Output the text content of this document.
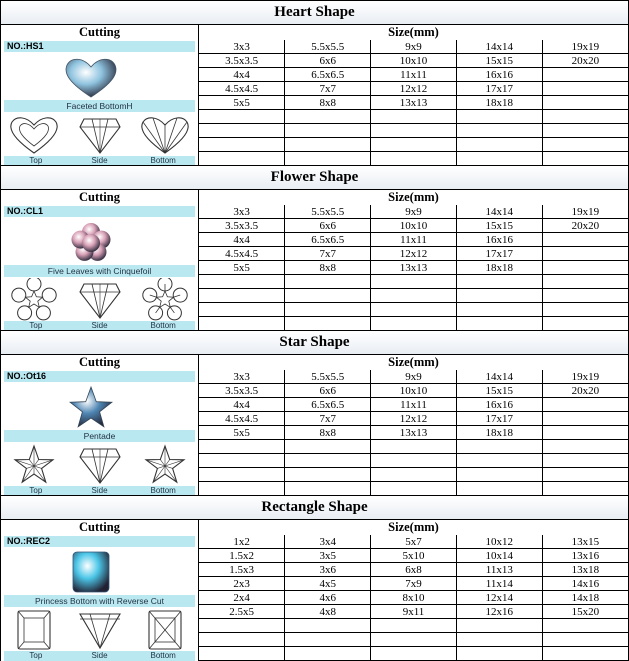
Heart Shape
Cutting	Size(mm)
NO.:HS1
Faceted BottomH
Top	Side	Bottom
3x3	5.5x5.5	9x9	14x14	19x19
3.5x3.5	6x6	10x10	15x15	20x20
4x4	6.5x6.5	11x11	16x16	
4.5x4.5	7x7	12x12	17x17	
5x5	8x8	13x13	18x18	

Flower Shape
Cutting	Size(mm)
NO.:CL1
Five Leaves with Cinquefoil
Top	Side	Bottom
3x3	5.5x5.5	9x9	14x14	19x19
3.5x3.5	6x6	10x10	15x15	20x20
4x4	6.5x6.5	11x11	16x16	
4.5x4.5	7x7	12x12	17x17	
5x5	8x8	13x13	18x18	

Star Shape
Cutting	Size(mm)
NO.:Ot16
Pentade
Top	Side	Bottom
3x3	5.5x5.5	9x9	14x14	19x19
3.5x3.5	6x6	10x10	15x15	20x20
4x4	6.5x6.5	11x11	16x16	
4.5x4.5	7x7	12x12	17x17	
5x5	8x8	13x13	18x18	

Rectangle Shape
Cutting	Size(mm)
NO.:REC2
Princess Bottom with Reverse Cut
Top	Side	Bottom
1x2	3x4	5x7	10x12	13x15
1.5x2	3x5	5x10	10x14	13x16
1.5x3	3x6	6x8	11x13	13x18
2x3	4x5	7x9	11x14	14x16
2x4	4x6	8x10	12x14	14x18
2.5x5	4x8	9x11	12x16	15x20
